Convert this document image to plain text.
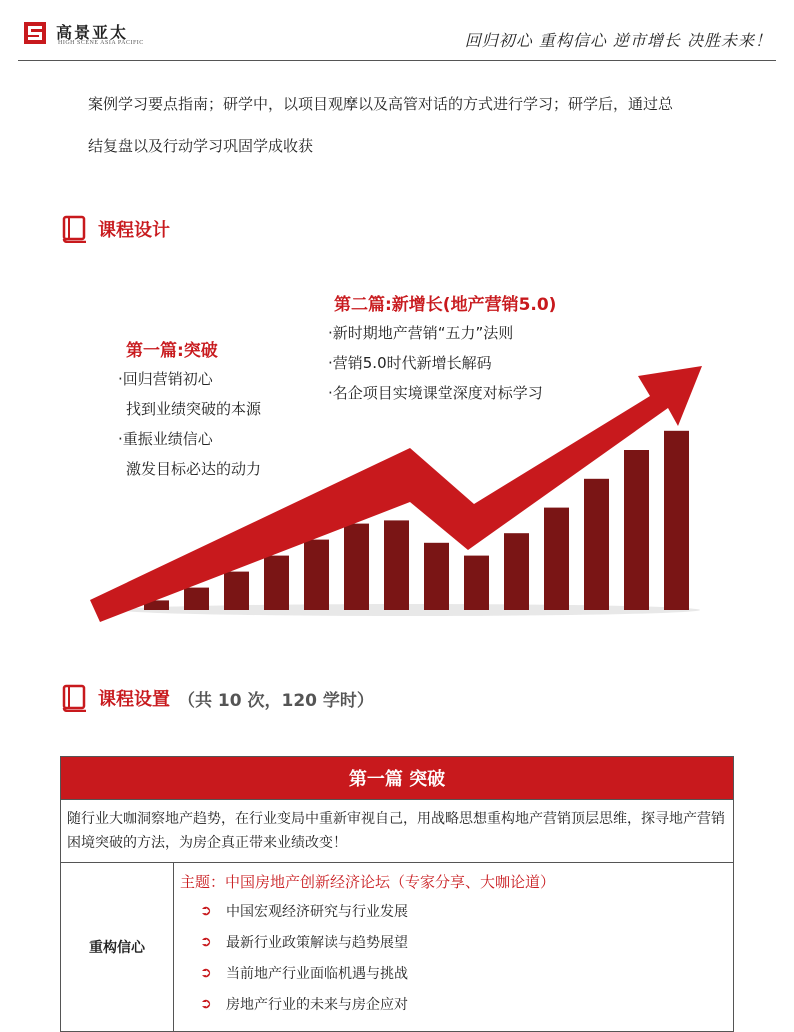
高景亚太
HIGH SCENE ASIA PACIFIC	回归初心 重构信心 逆市增长 决胜未来！
案例学习要点指南；研学中，以项目观摩以及高管对话的方式进行学习；研学后，通过总
结复盘以及行动学习巩固学成收获
课程设计
第二篇:新增长(地产营销5.0)
·新时期地产营销“五力”法则
·营销5.0时代新增长解码
·名企项目实境课堂深度对标学习
第一篇:突破
·回归营销初心
找到业绩突破的本源
·重振业绩信心
激发目标必达的动力
课程设置 （共 10 次，120 学时）
第一篇 突破
随行业大咖洞察地产趋势，在行业变局中重新审视自己，用战略思想重构地产营销顶层思维，探寻地产营销困境突破的方法，为房企真正带来业绩改变！
重构信心	
主题：中国房地产创新经济论坛（专家分享、大咖论道）
➲	中国宏观经济研究与行业发展
➲	最新行业政策解读与趋势展望
➲	当前地产行业面临机遇与挑战
➲	房地产行业的未来与房企应对
